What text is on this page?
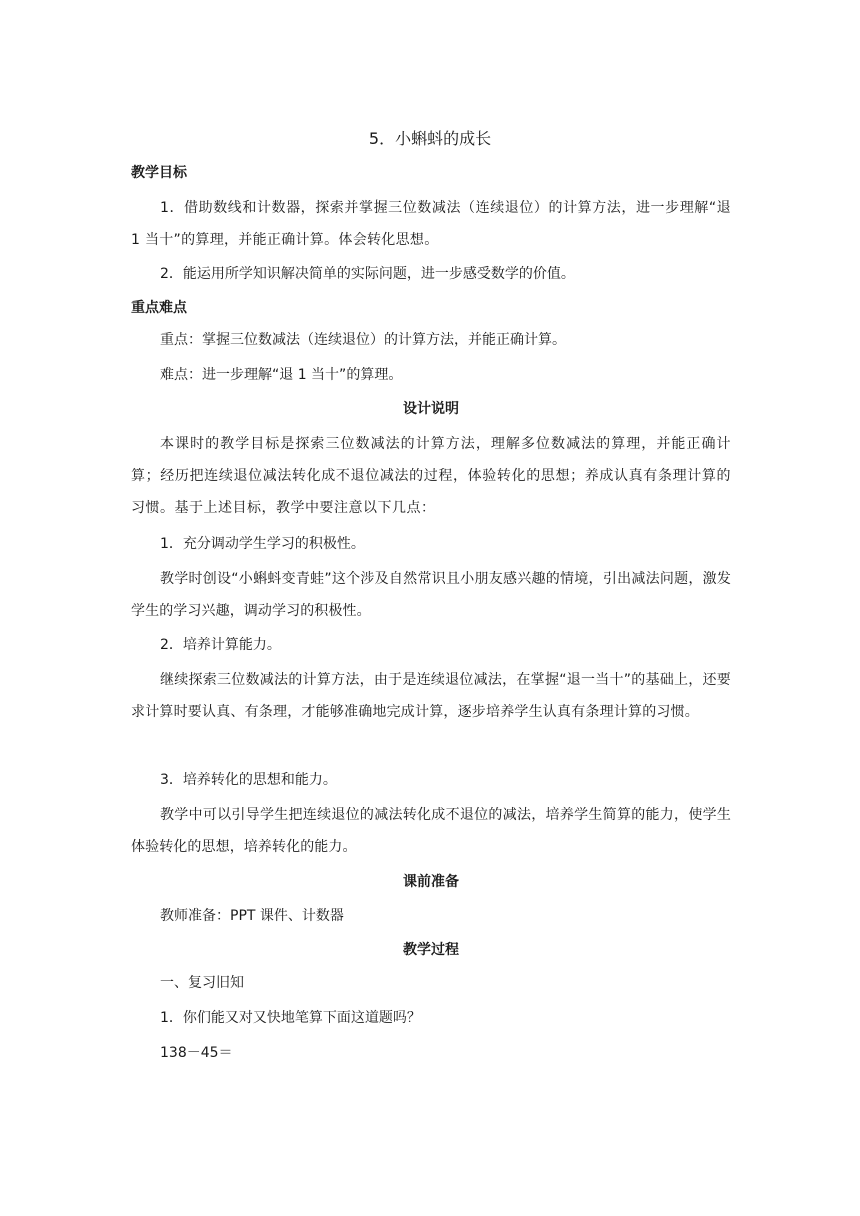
5．小蝌蚪的成长

教学目标

1．借助数线和计数器，探索并掌握三位数减法（连续退位）的计算方法，进一步理解“退 1 当十”的算理，并能正确计算。体会转化思想。

2．能运用所学知识解决简单的实际问题，进一步感受数学的价值。

重点难点

重点：掌握三位数减法（连续退位）的计算方法，并能正确计算。

难点：进一步理解“退 1 当十”的算理。

设计说明

本课时的教学目标是探索三位数减法的计算方法，理解多位数减法的算理，并能正确计算；经历把连续退位减法转化成不退位减法的过程，体验转化的思想；养成认真有条理计算的习惯。基于上述目标，教学中要注意以下几点：

1．充分调动学生学习的积极性。

教学时创设“小蝌蚪变青蛙”这个涉及自然常识且小朋友感兴趣的情境，引出减法问题，激发学生的学习兴趣，调动学习的积极性。

2．培养计算能力。

继续探索三位数减法的计算方法，由于是连续退位减法，在掌握“退一当十”的基础上，还要求计算时要认真、有条理，才能够准确地完成计算，逐步培养学生认真有条理计算的习惯。

3．培养转化的思想和能力。

教学中可以引导学生把连续退位的减法转化成不退位的减法，培养学生简算的能力，使学生体验转化的思想，培养转化的能力。

课前准备

教师准备：PPT 课件、计数器

教学过程

一、复习旧知

1．你们能又对又快地笔算下面这道题吗？

138－45＝
